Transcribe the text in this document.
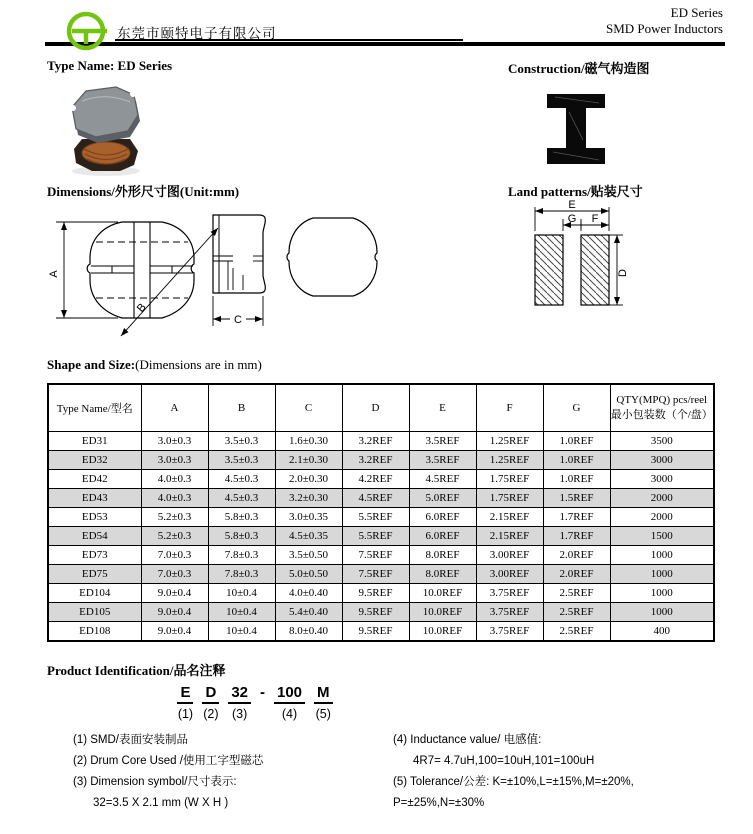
东莞市颐特电子有限公司
ED Series
SMD Power Inductors
Type Name: ED Series	Construction/磁气构造图
Dimensions/外形尺寸图(Unit:mm)	Land patterns/贴装尺寸
Shape and Size:(Dimensions are in mm)
Product Identification/品名注释
A
B
C
E
G F
D
Type Name/型名	A	B	C	D	E	F	G	QTY(MPQ) pcs/reel
最小包装数（个/盘）

ED31	3.0±0.3	3.5±0.3	1.6±0.30	3.2REF	3.5REF	1.25REF	1.0REF	3500
ED32	3.0±0.3	3.5±0.3	2.1±0.30	3.2REF	3.5REF	1.25REF	1.0REF	3000
ED42	4.0±0.3	4.5±0.3	2.0±0.30	4.2REF	4.5REF	1.75REF	1.0REF	3000
ED43	4.0±0.3	4.5±0.3	3.2±0.30	4.5REF	5.0REF	1.75REF	1.5REF	2000
ED53	5.2±0.3	5.8±0.3	3.0±0.35	5.5REF	6.0REF	2.15REF	1.7REF	2000
ED54	5.2±0.3	5.8±0.3	4.5±0.35	5.5REF	6.0REF	2.15REF	1.7REF	1500
ED73	7.0±0.3	7.8±0.3	3.5±0.50	7.5REF	8.0REF	3.00REF	2.0REF	1000
ED75	7.0±0.3	7.8±0.3	5.0±0.50	7.5REF	8.0REF	3.00REF	2.0REF	1000
ED104	9.0±0.4	10±0.4	4.0±0.40	9.5REF	10.0REF	3.75REF	2.5REF	1000
ED105	9.0±0.4	10±0.4	5.4±0.40	9.5REF	10.0REF	3.75REF	2.5REF	1000
ED108	9.0±0.4	10±0.4	8.0±0.40	9.5REF	10.0REF	3.75REF	2.5REF	400
E
(1)
D
(2)
32
(3)
- 100
(4)
M
(5)
(1) SMD/表面安装制品
(2) Drum Core Used /使用工字型磁芯
(3) Dimension symbol/尺寸表示:
32=3.5 X 2.1 mm (W X H )
(4) Inductance value/ 电感值:
4R7= 4.7uH,100=10uH,101=100uH
(5) Tolerance/公差: K=±10%,L=±15%,M=±20%,
P=±25%,N=±30%
